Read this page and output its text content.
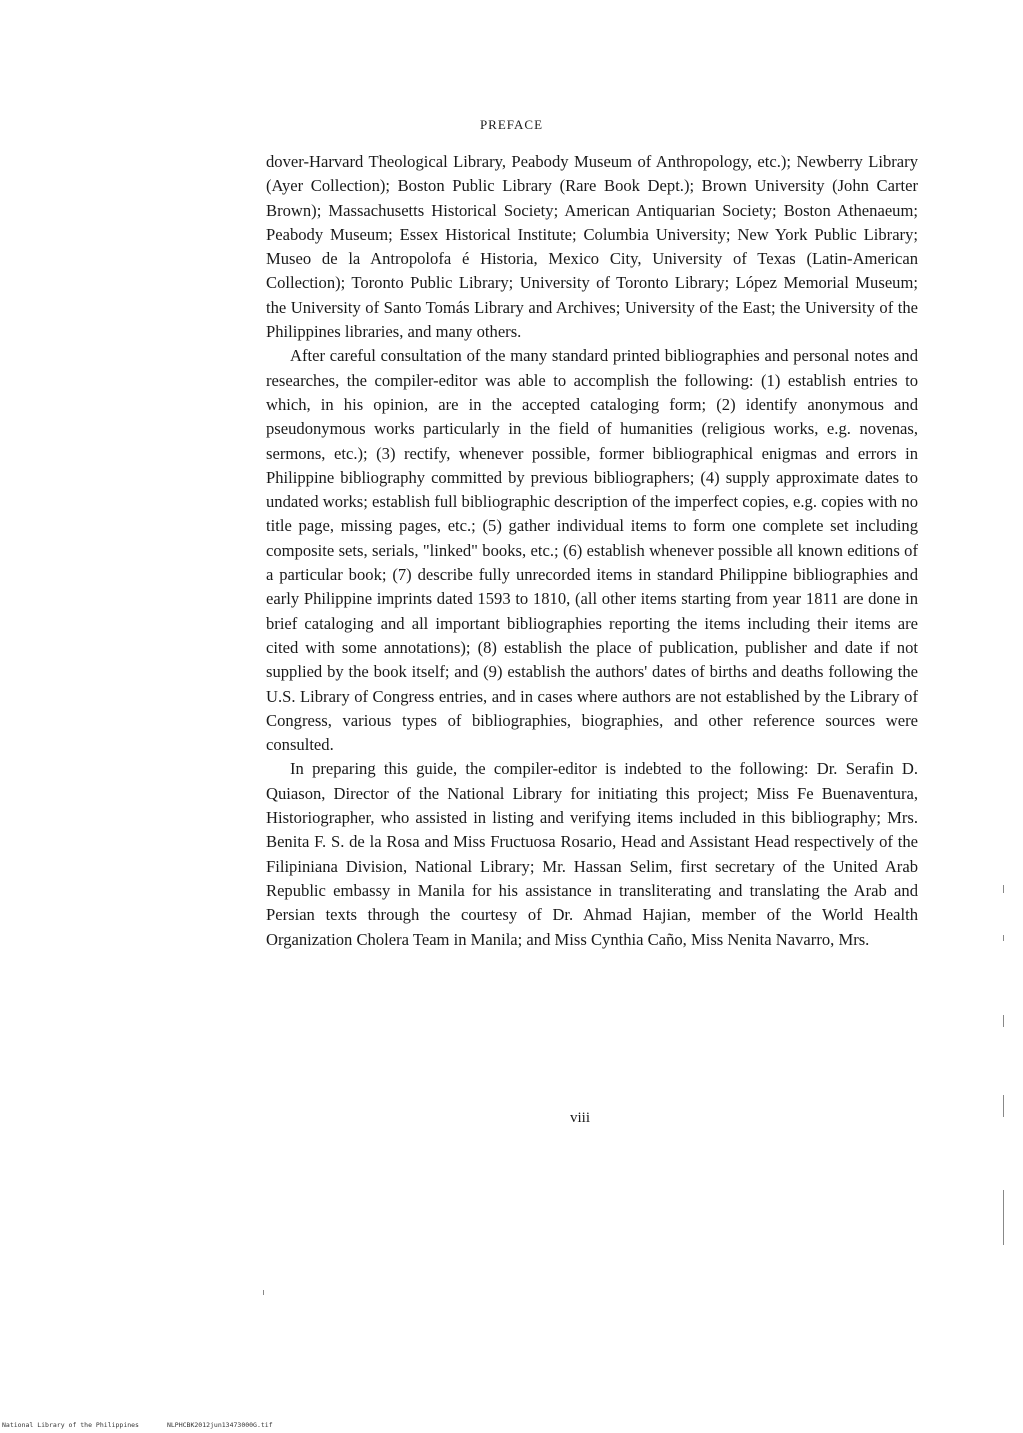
PREFACE

dover-Harvard Theological Library, Peabody Museum of Anthropology, etc.); Newberry Library (Ayer Collection); Boston Public Library (Rare Book Dept.); Brown University (John Carter Brown); Massachusetts Historical Society; American Antiquarian Society; Boston Athenaeum; Peabody Museum; Essex Historical Institute; Columbia University; New York Public Library; Museo de la Antropolofa é Historia, Mexico City, University of Texas (Latin-American Collection); Toronto Public Library; University of Toronto Library; López Memorial Museum; the University of Santo Tomás Library and Archives; University of the East; the University of the Philippines libraries, and many others.

After careful consultation of the many standard printed bibliographies and personal notes and researches, the compiler-editor was able to accomplish the following: (1) establish entries to which, in his opinion, are in the accepted cataloging form; (2) identify anonymous and pseudonymous works particularly in the field of humanities (religious works, e.g. novenas, sermons, etc.); (3) rectify, whenever possible, former bibliographical enigmas and errors in Philippine bibliography committed by previous bibliographers; (4) supply approximate dates to undated works; establish full bibliographic description of the imperfect copies, e.g. copies with no title page, missing pages, etc.; (5) gather individual items to form one complete set including composite sets, serials, "linked" books, etc.; (6) establish whenever possible all known editions of a particular book; (7) describe fully unrecorded items in standard Philippine bibliographies and early Philippine imprints dated 1593 to 1810, (all other items starting from year 1811 are done in brief cataloging and all important bibliographies reporting the items including their items are cited with some annotations); (8) establish the place of publication, publisher and date if not supplied by the book itself; and (9) establish the authors' dates of births and deaths following the U.S. Library of Congress entries, and in cases where authors are not established by the Library of Congress, various types of bibliographies, biographies, and other reference sources were consulted.

In preparing this guide, the compiler-editor is indebted to the following: Dr. Serafin D. Quiason, Director of the National Library for initiating this project; Miss Fe Buenaventura, Historiographer, who assisted in listing and verifying items included in this bibliography; Mrs. Benita F. S. de la Rosa and Miss Fructuosa Rosario, Head and Assistant Head respectively of the Filipiniana Division, National Library; Mr. Hassan Selim, first secretary of the United Arab Republic embassy in Manila for his assistance in transliterating and translating the Arab and Persian texts through the courtesy of Dr. Ahmad Hajian, member of the World Health Organization Cholera Team in Manila; and Miss Cynthia Caño, Miss Nenita Navarro, Mrs.

viii
National Library of the Philippines	NLPHCBK2012jun13473000G.tif
